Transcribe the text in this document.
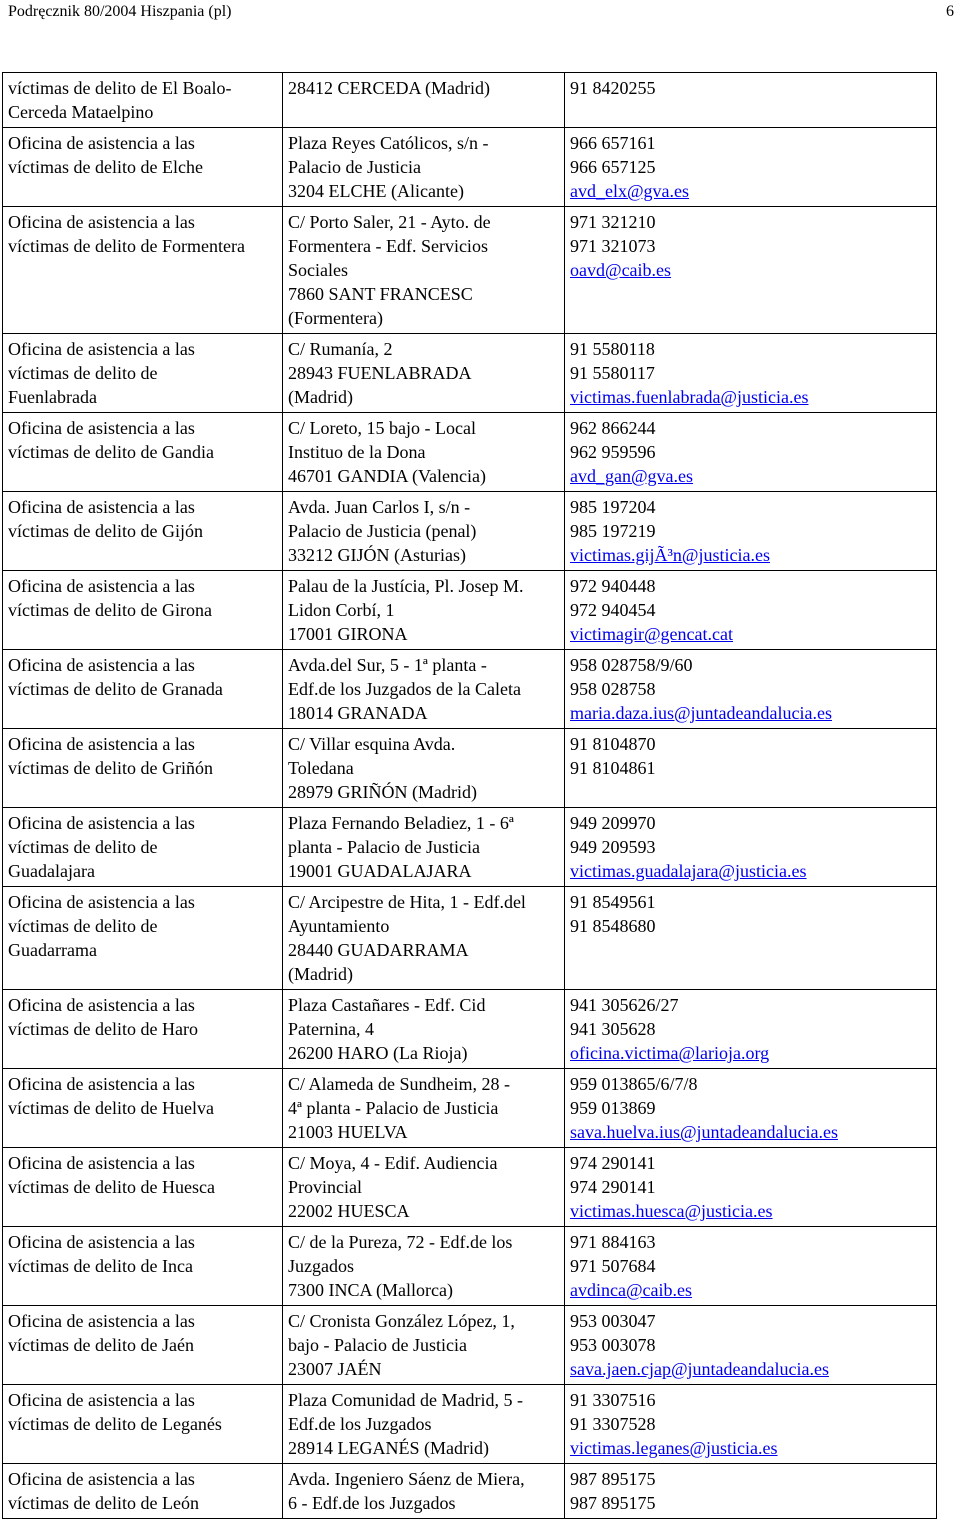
Podręcznik 80/2004 Hiszpania (pl)	6
víctimas de delito de El Boalo-
Cerceda Mataelpino	28412 CERCEDA (Madrid)	91 8420255

Oficina de asistencia a las
víctimas de delito de Elche	Plaza Reyes Católicos, s/n -
Palacio de Justicia
3204 ELCHE (Alicante)	966 657161
966 657125
avd_elx@gva.es

Oficina de asistencia a las
víctimas de delito de Formentera	C/ Porto Saler, 21 - Ayto. de
Formentera - Edf. Servicios
Sociales
7860 SANT FRANCESC
(Formentera)	971 321210
971 321073
oavd@caib.es

Oficina de asistencia a las
víctimas de delito de
Fuenlabrada	C/ Rumanía, 2
28943 FUENLABRADA
(Madrid)	91 5580118
91 5580117
victimas.fuenlabrada@justicia.es

Oficina de asistencia a las
víctimas de delito de Gandia	C/ Loreto, 15 bajo - Local
Instituo de la Dona
46701 GANDIA (Valencia)	962 866244
962 959596
avd_gan@gva.es

Oficina de asistencia a las
víctimas de delito de Gijón	Avda. Juan Carlos I, s/n -
Palacio de Justicia (penal)
33212 GIJÓN (Asturias)	985 197204
985 197219
victimas.gijÃ³n@justicia.es

Oficina de asistencia a las
víctimas de delito de Girona	Palau de la Justícia, Pl. Josep M.
Lidon Corbí, 1
17001 GIRONA	972 940448
972 940454
victimagir@gencat.cat

Oficina de asistencia a las
víctimas de delito de Granada	Avda.del Sur, 5 - 1ª planta -
Edf.de los Juzgados de la Caleta
18014 GRANADA	958 028758/9/60
958 028758
maria.daza.ius@juntadeandalucia.es

Oficina de asistencia a las
víctimas de delito de Griñón	C/ Villar esquina Avda.
Toledana
28979 GRIÑÓN (Madrid)	91 8104870
91 8104861

Oficina de asistencia a las
víctimas de delito de
Guadalajara	Plaza Fernando Beladiez, 1 - 6ª
planta - Palacio de Justicia
19001 GUADALAJARA	949 209970
949 209593
victimas.guadalajara@justicia.es

Oficina de asistencia a las
víctimas de delito de
Guadarrama	C/ Arcipestre de Hita, 1 - Edf.del
Ayuntamiento
28440 GUADARRAMA
(Madrid)	91 8549561
91 8548680

Oficina de asistencia a las
víctimas de delito de Haro	Plaza Castañares - Edf. Cid
Paternina, 4
26200 HARO (La Rioja)	941 305626/27
941 305628
oficina.victima@larioja.org

Oficina de asistencia a las
víctimas de delito de Huelva	C/ Alameda de Sundheim, 28 -
4ª planta - Palacio de Justicia
21003 HUELVA	959 013865/6/7/8
959 013869
sava.huelva.ius@juntadeandalucia.es

Oficina de asistencia a las
víctimas de delito de Huesca	C/ Moya, 4 - Edif. Audiencia
Provincial
22002 HUESCA	974 290141
974 290141
victimas.huesca@justicia.es

Oficina de asistencia a las
víctimas de delito de Inca	C/ de la Pureza, 72 - Edf.de los
Juzgados
7300 INCA (Mallorca)	971 884163
971 507684
avdinca@caib.es

Oficina de asistencia a las
víctimas de delito de Jaén	C/ Cronista González López, 1,
bajo - Palacio de Justicia
23007 JAÉN	953 003047
953 003078
sava.jaen.cjap@juntadeandalucia.es

Oficina de asistencia a las
víctimas de delito de Leganés	Plaza Comunidad de Madrid, 5 -
Edf.de los Juzgados
28914 LEGANÉS (Madrid)	91 3307516
91 3307528
victimas.leganes@justicia.es

Oficina de asistencia a las
víctimas de delito de León	Avda. Ingeniero Sáenz de Miera,
6 - Edf.de los Juzgados	987 895175
987 895175
